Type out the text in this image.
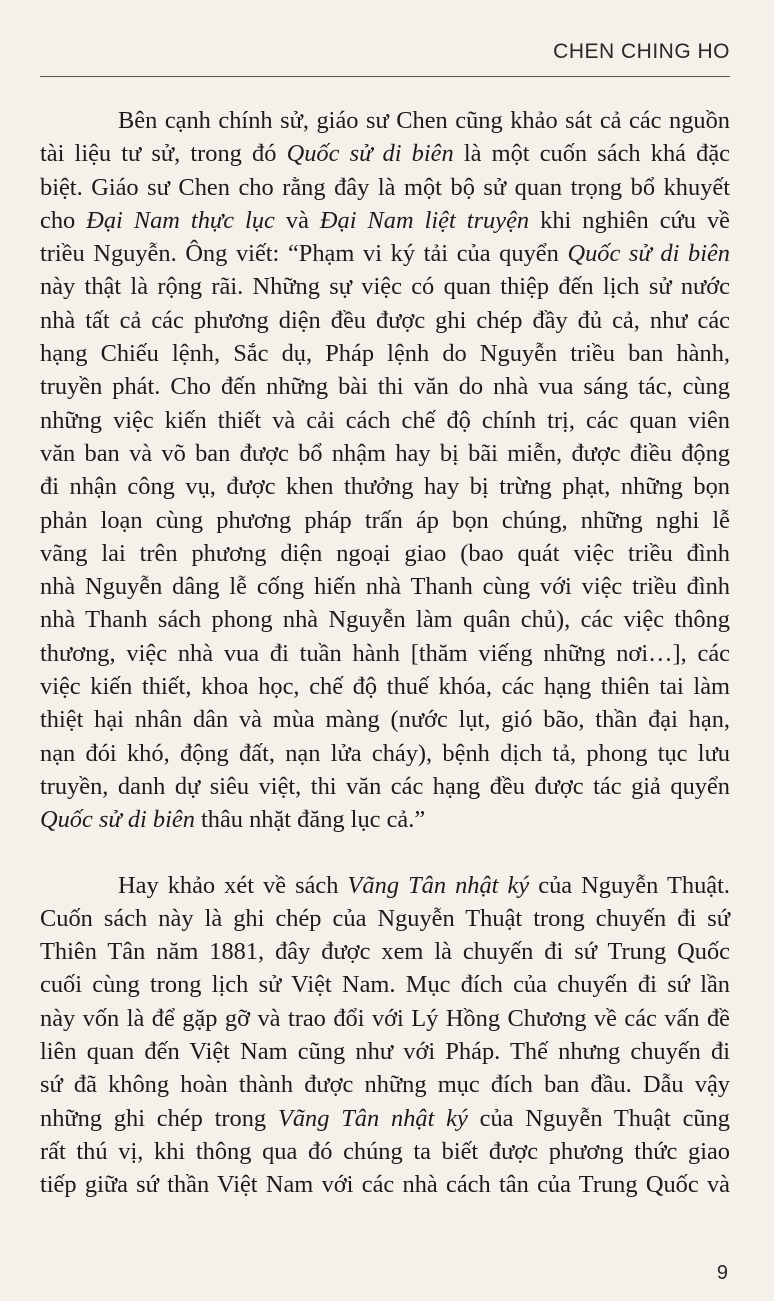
CHEN CHING HO
Bên cạnh chính sử, giáo sư Chen cũng khảo sát cả các nguồn
tài liệu tư sử, trong đó Quốc sử di biên là một cuốn sách khá đặc
biệt. Giáo sư Chen cho rằng đây là một bộ sử quan trọng bổ khuyết
cho Đại Nam thực lục và Đại Nam liệt truyện khi nghiên cứu về
triều Nguyễn. Ông viết: “Phạm vi ký tải của quyển Quốc sử di biên
này thật là rộng rãi. Những sự việc có quan thiệp đến lịch sử nước
nhà tất cả các phương diện đều được ghi chép đầy đủ cả, như các
hạng Chiếu lệnh, Sắc dụ, Pháp lệnh do Nguyễn triều ban hành,
truyền phát. Cho đến những bài thi văn do nhà vua sáng tác, cùng
những việc kiến thiết và cải cách chế độ chính trị, các quan viên
văn ban và võ ban được bổ nhậm hay bị bãi miễn, được điều động
đi nhận công vụ, được khen thưởng hay bị trừng phạt, những bọn
phản loạn cùng phương pháp trấn áp bọn chúng, những nghi lễ
vãng lai trên phương diện ngoại giao (bao quát việc triều đình
nhà Nguyễn dâng lễ cống hiến nhà Thanh cùng với việc triều đình
nhà Thanh sách phong nhà Nguyễn làm quân chủ), các việc thông
thương, việc nhà vua đi tuần hành [thăm viếng những nơi…], các
việc kiến thiết, khoa học, chế độ thuế khóa, các hạng thiên tai làm
thiệt hại nhân dân và mùa màng (nước lụt, gió bão, thần đại hạn,
nạn đói khó, động đất, nạn lửa cháy), bệnh dịch tả, phong tục lưu
truyền, danh dự siêu việt, thi văn các hạng đều được tác giả quyển
Quốc sử di biên thâu nhặt đăng lục cả.”
Hay khảo xét về sách Vãng Tân nhật ký của Nguyễn Thuật.
Cuốn sách này là ghi chép của Nguyễn Thuật trong chuyến đi sứ
Thiên Tân năm 1881, đây được xem là chuyến đi sứ Trung Quốc
cuối cùng trong lịch sử Việt Nam. Mục đích của chuyến đi sứ lần
này vốn là để gặp gỡ và trao đổi với Lý Hồng Chương về các vấn đề
liên quan đến Việt Nam cũng như với Pháp. Thế nhưng chuyến đi
sứ đã không hoàn thành được những mục đích ban đầu. Dẫu vậy
những ghi chép trong Vãng Tân nhật ký của Nguyễn Thuật cũng
rất thú vị, khi thông qua đó chúng ta biết được phương thức giao
tiếp giữa sứ thần Việt Nam với các nhà cách tân của Trung Quốc và
9
